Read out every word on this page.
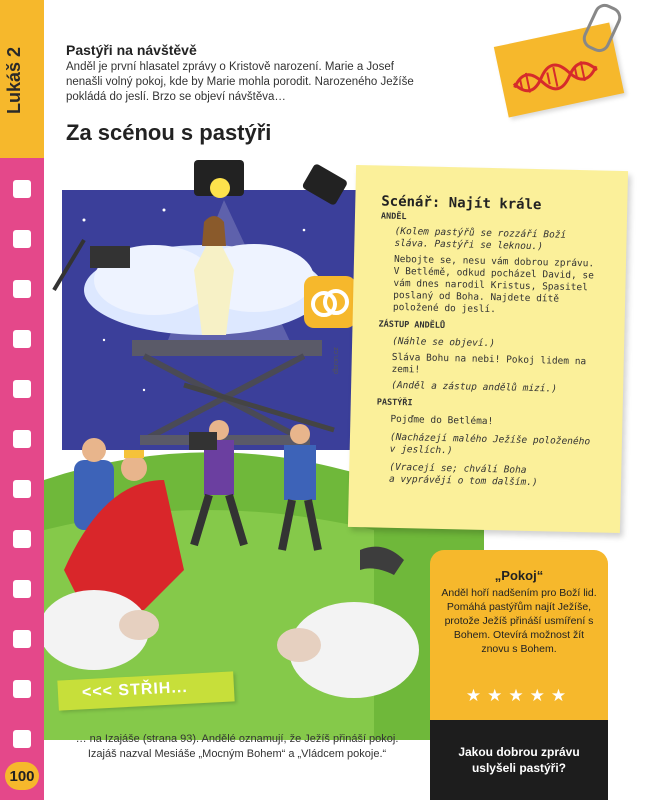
Lukáš 2
100
Pastýři na návštěvě
Anděl je první hlasatel zprávy o Kristově narození. Marie a Josef nenašli volný pokoj, kde by Marie mohla porodit. Narozeného Ježíše pokládá do jeslí. Brzo se objeví návštěva…
Za scénou s pastýři
Scénář: Najít krále
ANDĚL
(Kolem pastýřů se rozzáří Boží
sláva. Pastýři se leknou.)
Nebojte se, nesu vám dobrou zprávu.
V Betlémě, odkud pocházel David, se
vám dnes narodil Kristus, Spasitel
poslaný od Boha. Najdete dítě
položené do jeslí.
ZÁSTUP ANDĚLŮ
(Náhle se objeví.)
Sláva Bohu na nebi! Pokoj lidem na
zemi!
(Anděl a zástup andělů mizí.)
PASTÝŘI
Pojďme do Betléma!
(Nacházejí malého Ježíše položeného
v jeslích.)
(Vracejí se; chválí Boha
a vyprávějí o tom dalším.)
dbron.cz
„Pokoj“
Anděl hoří nadšením pro Boží lid. Pomáhá pastýřům najít Ježíše, protože Ježíš přináší usmíření s Bohem. Otevírá možnost žít znovu s Bohem.
★★★★★
Jakou dobrou zprávu uslyšeli pastýři?
<<< STŘIH...
… na Izajáše (strana 93). Andělé oznamují, že Ježíš přináší pokoj. Izajáš nazval Mesiáše „Mocným Bohem“ a „Vládcem pokoje.“
